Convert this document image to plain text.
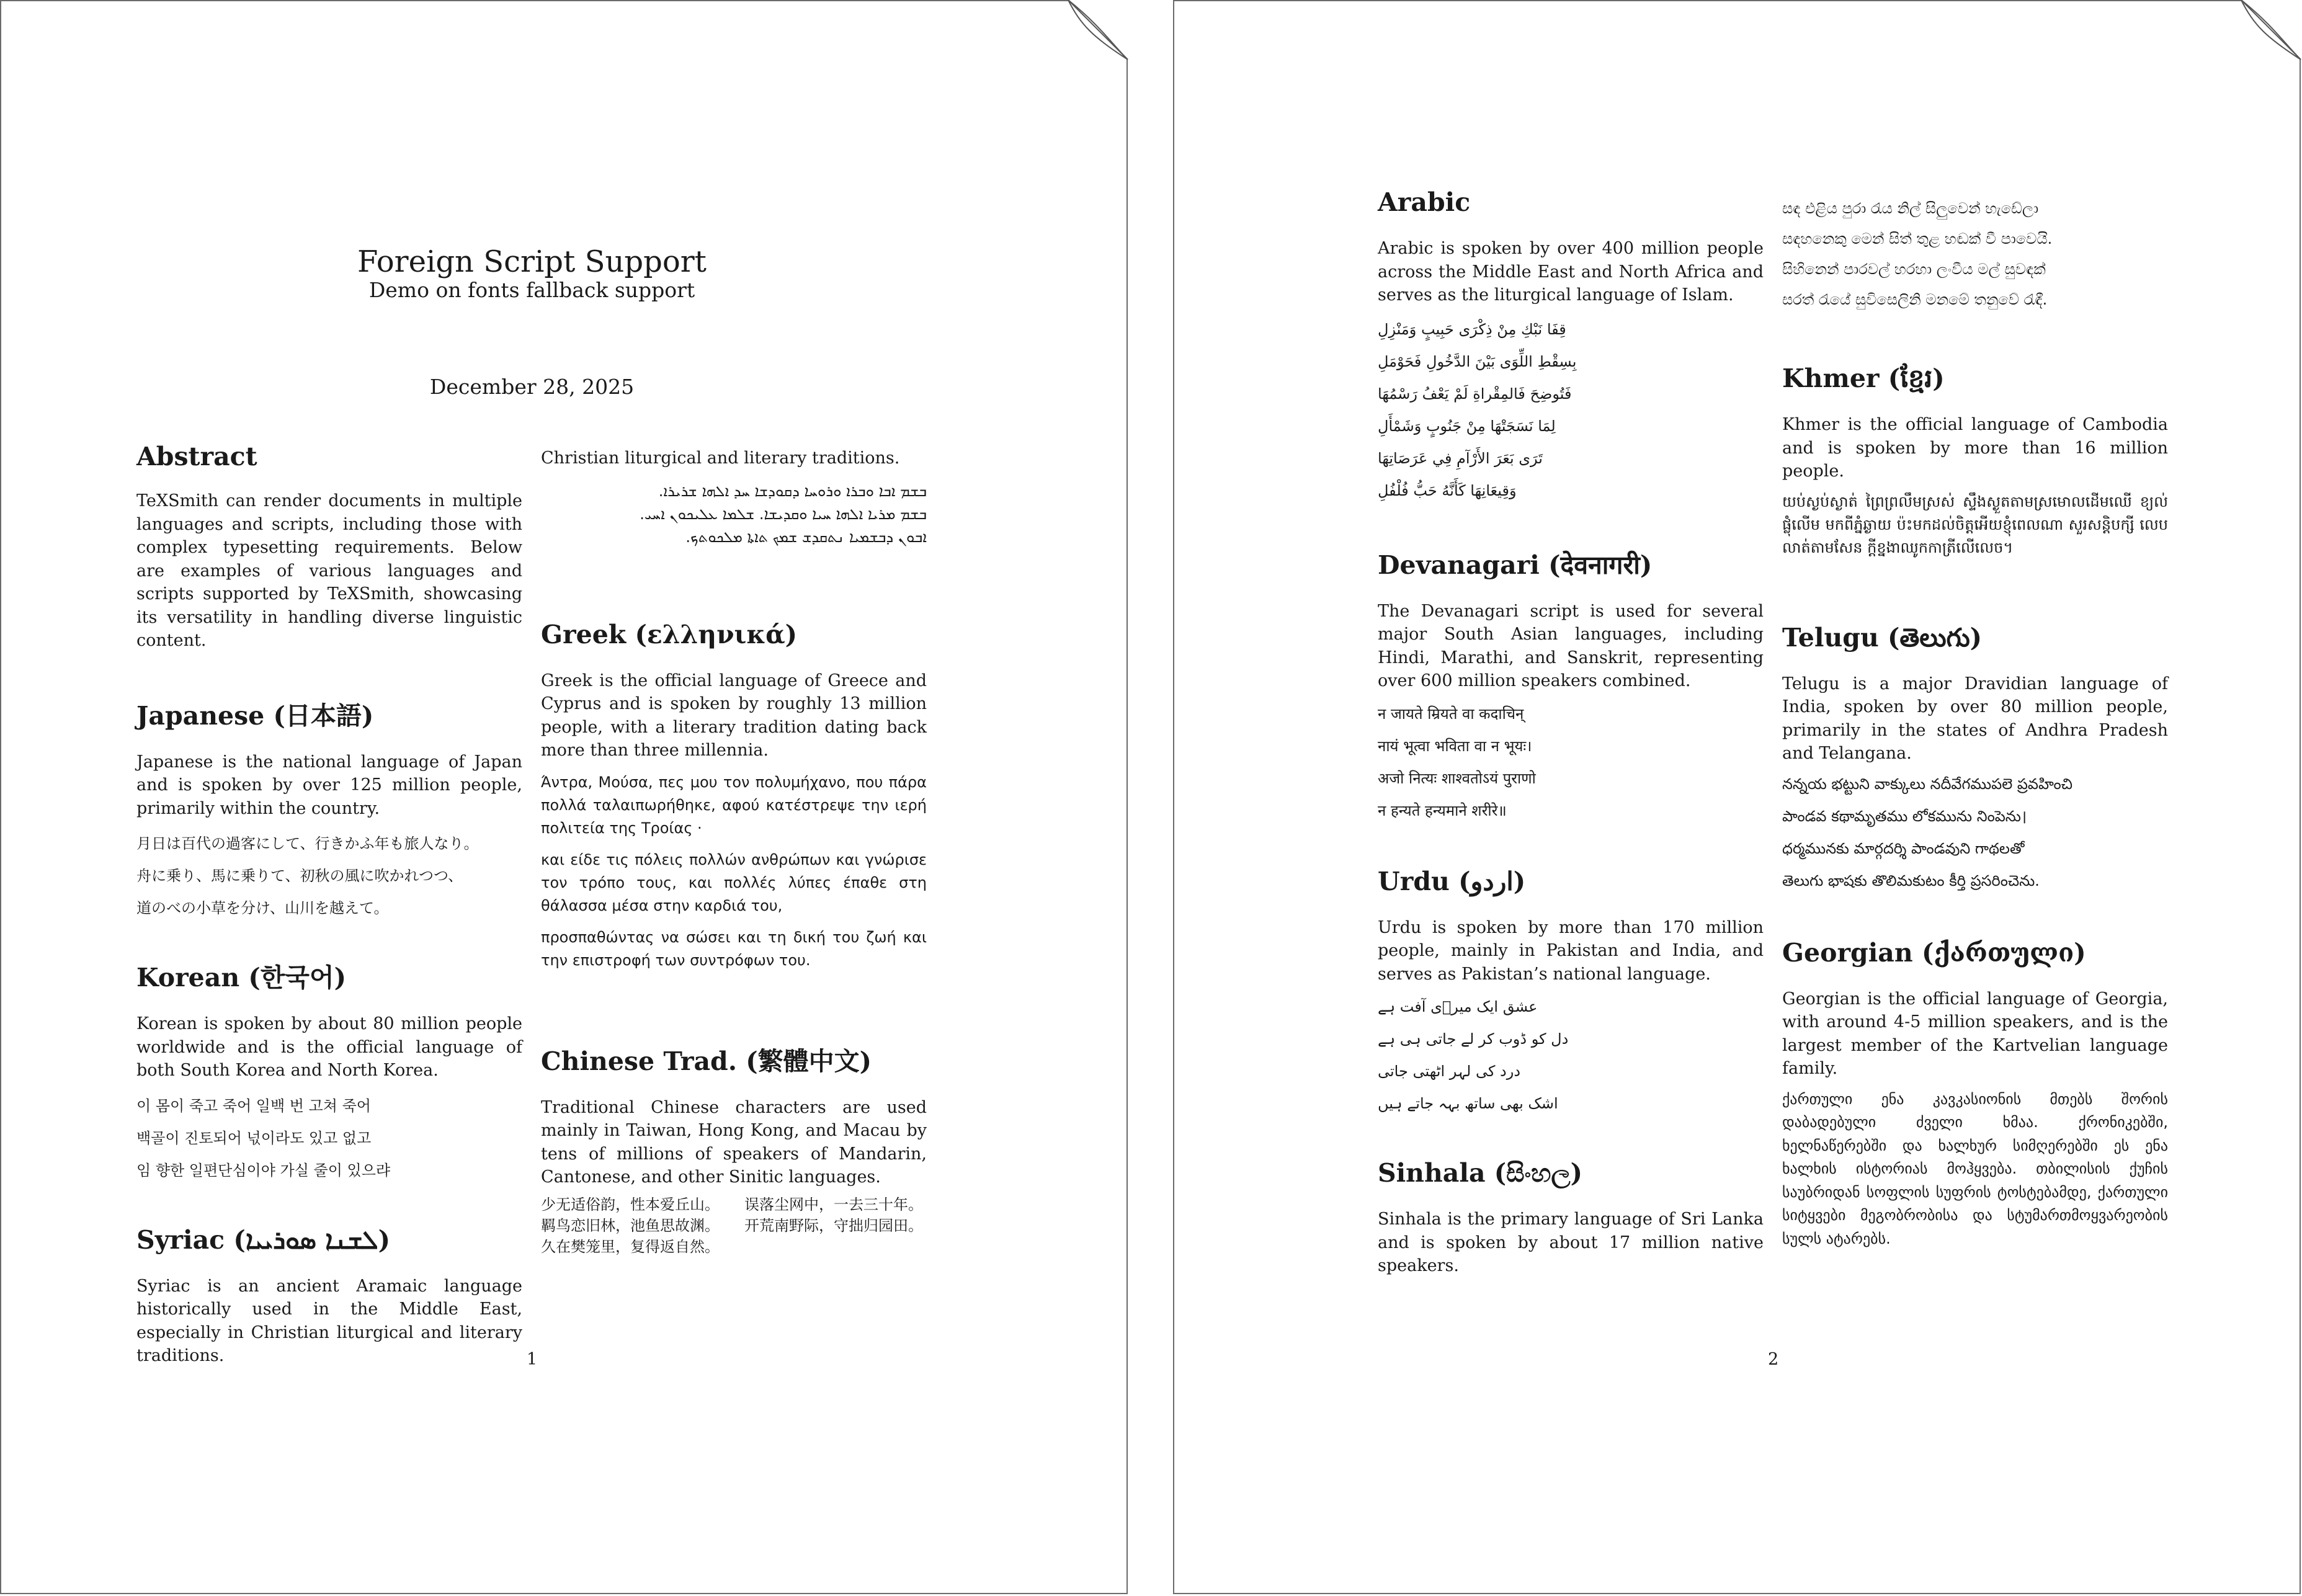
Foreign Script Support
Demo on fonts fallback support
December 28, 2025
Abstract

TeXSmith can render documents in multiple languages and scripts, including those with complex typesetting requirements. Below are examples of various languages and scripts supported by TeXSmith, showcasing its versatility in handling diverse linguistic content.

Japanese (日本語)

Japanese is the national language of Japan and is spoken by over 125 million people, primarily within the country.

月日は百代の過客にして、行きかふ年も旅人なり。

舟に乗り、馬に乗りて、初秋の風に吹かれつつ、

道のべの小草を分け、山川を越えて。

Korean (한국어)

Korean is spoken by about 80 million people worldwide and is the official language of both South Korea and North Korea.

이 몸이 죽고 죽어 일백 번 고쳐 죽어

백골이 진토되어 넋이라도 있고 없고

임 향한 일편단심이야 가실 줄이 있으랴

Syriac (ܠܫܢܐ ܣܘܪܝܝܐ)

Syriac is an ancient Aramaic language historically used in the Middle East, especially in Christian liturgical and literary traditions.

Christian liturgical and literary traditions.

ܒܫܡ ܐܒܐ ܘܒܪܐ ܘܪܘܚܐ ܕܩܘܕܫܐ ܚܕ ܐܠܗܐ ܫܪܝܪܐ.

ܒܫܡ ܡܪܝܐ ܐܠܗܐ ܚܝܐ ܘܩܕܝܫܐ. ܫܠܡܐ ܥܠܝܟܘܢ ܐܚܝ.

ܐܒܘܢ ܕܒܫܡܝܐ ܢܬܩܕܫ ܫܡܟ ܬܐܬܐ ܡܠܟܘܬܟ.

Greek (ελληνικά)

Greek is the official language of Greece and Cyprus and is spoken by roughly 13 million people, with a literary tradition dating back more than three millennia.

Άντρα, Μούσα, πες μου τον πολυμήχανο, που πάρα πολλά ταλαιπωρήθηκε, αφού κατέστρεψε την ιερή πολιτεία της Τροίας ·

και είδε τις πόλεις πολλών ανθρώπων και γνώρισε τον τρόπο τους, και πολλές λύπες έπαθε στη θάλασσα μέσα στην καρδιά του,

προσπαθώντας να σώσει και τη δική του ζωή και την επιστροφή των συντρόφων του.

Chinese Trad. (繁體中文)

Traditional Chinese characters are used mainly in Taiwan, Hong Kong, and Macau by tens of millions of speakers of Mandarin, Cantonese, and other Sinitic languages.

少无适俗韵，性本爱丘山。
羁鸟恋旧林，池鱼思故渊。
久在樊笼里，复得返自然。
误落尘网中，一去三十年。
开荒南野际，守拙归园田。
1
Arabic

Arabic is spoken by over 400 million people across the Middle East and North Africa and serves as the liturgical language of Islam.

قِفَا نَبْكِ مِنْ ذِكْرَى حَبِيبٍ وَمَنْزِلِ

بِسِقْطِ اللِّوَى بَيْنَ الدَّخُولِ فَحَوْمَلِ

فَتُوضِحَ فَالمِقْراةِ لَمْ يَعْفُ رَسْمُهَا

لِمَا نَسَجَتْهَا مِنْ جَنُوبٍ وَشَمْأَلِ

تَرَى بَعَرَ الأَرْآمِ فِي عَرَصَاتِهَا

وَقِيعَانِهَا كَأَنَّهُ حَبُّ فُلْفُلِ

Devanagari (देवनागरी)

The Devanagari script is used for several major South Asian languages, including Hindi, Marathi, and Sanskrit, representing over 600 million speakers combined.

न जायते म्रियते वा कदाचिन्

नायं भूत्वा भविता वा न भूयः।

अजो नित्यः शाश्वतोऽयं पुराणो

न हन्यते हन्यमाने शरीरे॥

Urdu (اردو)

Urdu is spoken by more than 170 million people, mainly in Pakistan and India, and serves as Pakistan’s national language.

عشق ایک میرؔی آفت ہے

دل کو ڈوب کر لے جاتی ہی ہے

درد کی لہر اٹھتی جاتی

اشک بھی ساتھ بہہ جاتے ہیں

Sinhala (සිංහල)

Sinhala is the primary language of Sri Lanka and is spoken by about 17 million native speakers.

සඳ එළිය පුරා රැය නිල් සිලුවෙන් හැඩේලා

සඳහනෙකු මෙන් සිත් තුළ හඬක් වී පාවෙයි.

සිහිනෙන් පාරවල් හරහා ලංවීය මල් සුවඳක්

සරත් රැයේ සුවිසෙලිනි මනමේ තනුවේ රැඳී.

Khmer (ខ្មែរ)

Khmer is the official language of Cambodia and is spoken by more than 16 million people.

យប់ស្ងប់ស្ងាត់ ព្រៃព្រលឹមស្រស់ ស្ទឹងស្ងួតតាមស្រមោលដើមឈើ ខ្យល់ផ្លុំលើម មកពីភ្នំឆ្ងាយ ប៉ះមកដល់ចិត្តអើយខ្ញុំពេលណា សួរសន្តិបក្សី លេបលាត់តាមសែន ក្តីខ្នងាឈូកកាត្រីលើលេច។

Telugu (తెలుగు)

Telugu is a major Dravidian language of India, spoken by over 80 million people, primarily in the states of Andhra Pradesh and Telangana.

నన్నయ భట్టుని వాక్కులు నదీవేగముపలె ప్రవహించి

పాండవ కథామృతము లోకమును నింపెను।

ధర్మమునకు మార్గదర్శి పాండవుని గాథలతో

తెలుగు భాషకు తొలిమకుటం కీర్తి ప్రసరించెను.

Georgian (ქართული)

Georgian is the official language of Georgia, with around 4-5 million speakers, and is the largest member of the Kartvelian language family.

ქართული ენა კავკასიონის მთებს შორის დაბადებული ძველი ხმაა. ქრონიკებში, ხელნაწერებში და ხალხურ სიმღერებში ეს ენა ხალხის ისტორიას მოჰყვება. თბილისის ქუჩის საუბრიდან სოფლის სუფრის ტოსტებამდე, ქართული სიტყვები მეგობრობისა და სტუმართმოყვარეობის სულს ატარებს.

2
